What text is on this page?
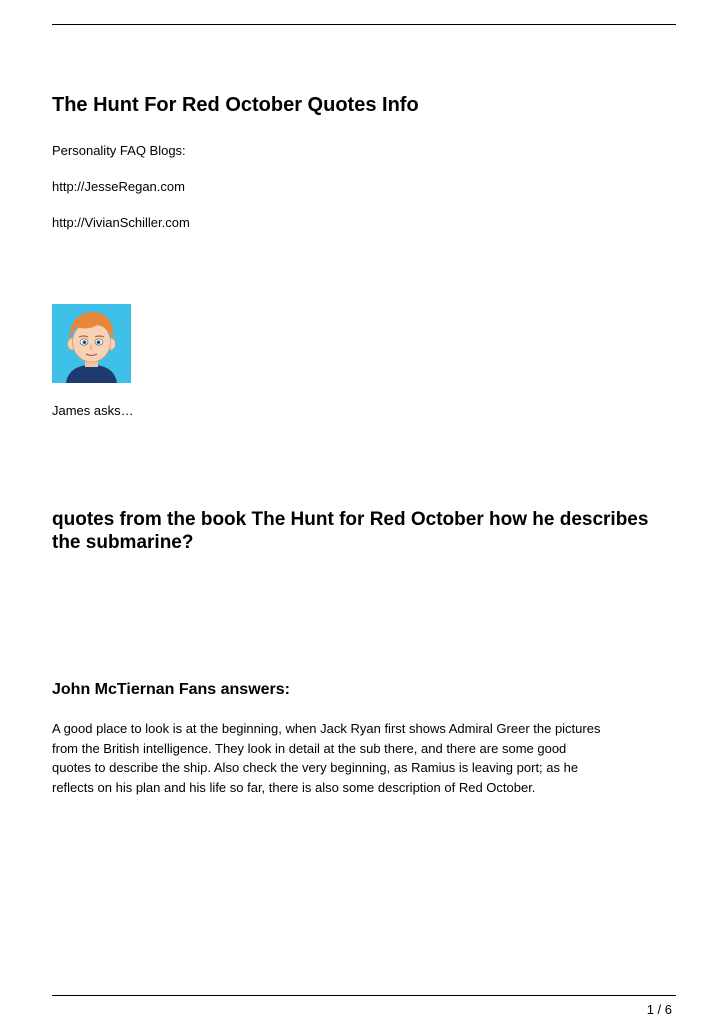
The Hunt For Red October Quotes Info

Personality FAQ Blogs:

http://JesseRegan.com

http://VivianSchiller.com

James asks…

quotes from the book The Hunt for Red October how he describes the submarine?
John McTiernan Fans answers:

A good place to look is at the beginning, when Jack Ryan first shows Admiral Greer the pictures
from the British intelligence. They look in detail at the sub there, and there are some good
quotes to describe the ship. Also check the very beginning, as Ramius is leaving port; as he
reflects on his plan and his life so far, there is also some description of Red October.

1 / 6
